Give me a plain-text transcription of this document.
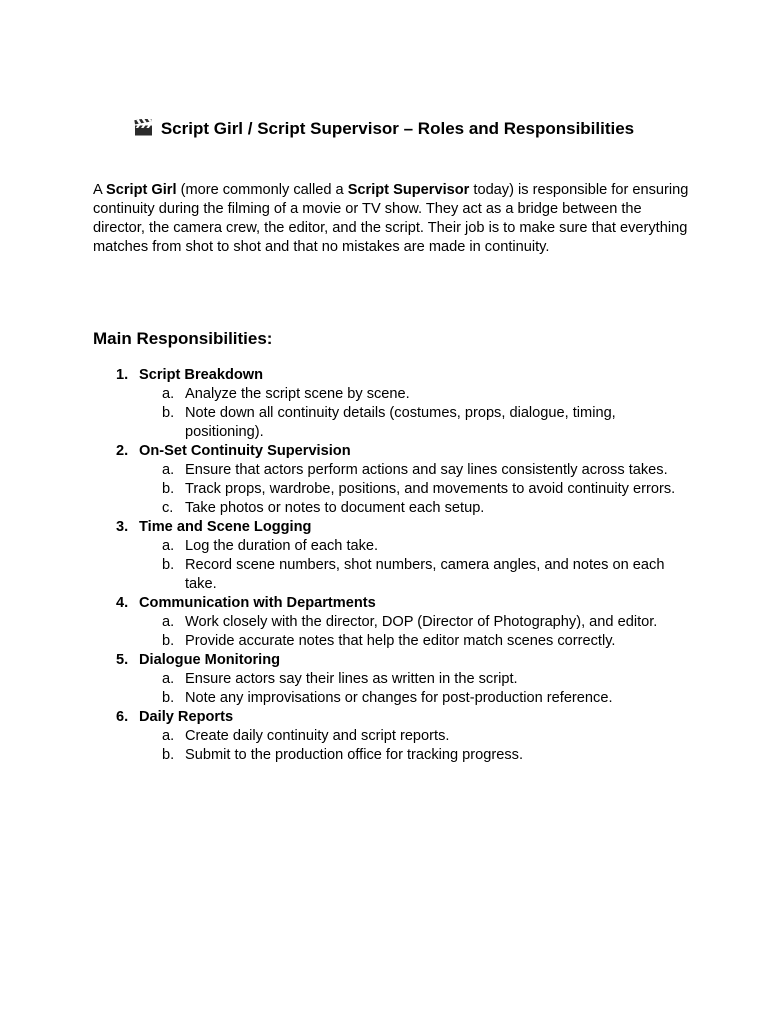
Script Girl / Script Supervisor – Roles and Responsibilities

A Script Girl (more commonly called a Script Supervisor today) is responsible for ensuring continuity during the filming of a movie or TV show. They act as a bridge between the director, the camera crew, the editor, and the script. Their job is to make sure that everything matches from shot to shot and that no mistakes are made in continuity.

Main Responsibilities:
1. Script Breakdown
a. Analyze the script scene by scene.
b. Note down all continuity details (costumes, props, dialogue, timing, positioning).
2. On-Set Continuity Supervision
a. Ensure that actors perform actions and say lines consistently across takes.
b. Track props, wardrobe, positions, and movements to avoid continuity errors.
c. Take photos or notes to document each setup.
3. Time and Scene Logging
a. Log the duration of each take.
b. Record scene numbers, shot numbers, camera angles, and notes on each take.
4. Communication with Departments
a. Work closely with the director, DOP (Director of Photography), and editor.
b. Provide accurate notes that help the editor match scenes correctly.
5. Dialogue Monitoring
a. Ensure actors say their lines as written in the script.
b. Note any improvisations or changes for post-production reference.
6. Daily Reports
a. Create daily continuity and script reports.
b. Submit to the production office for tracking progress.
